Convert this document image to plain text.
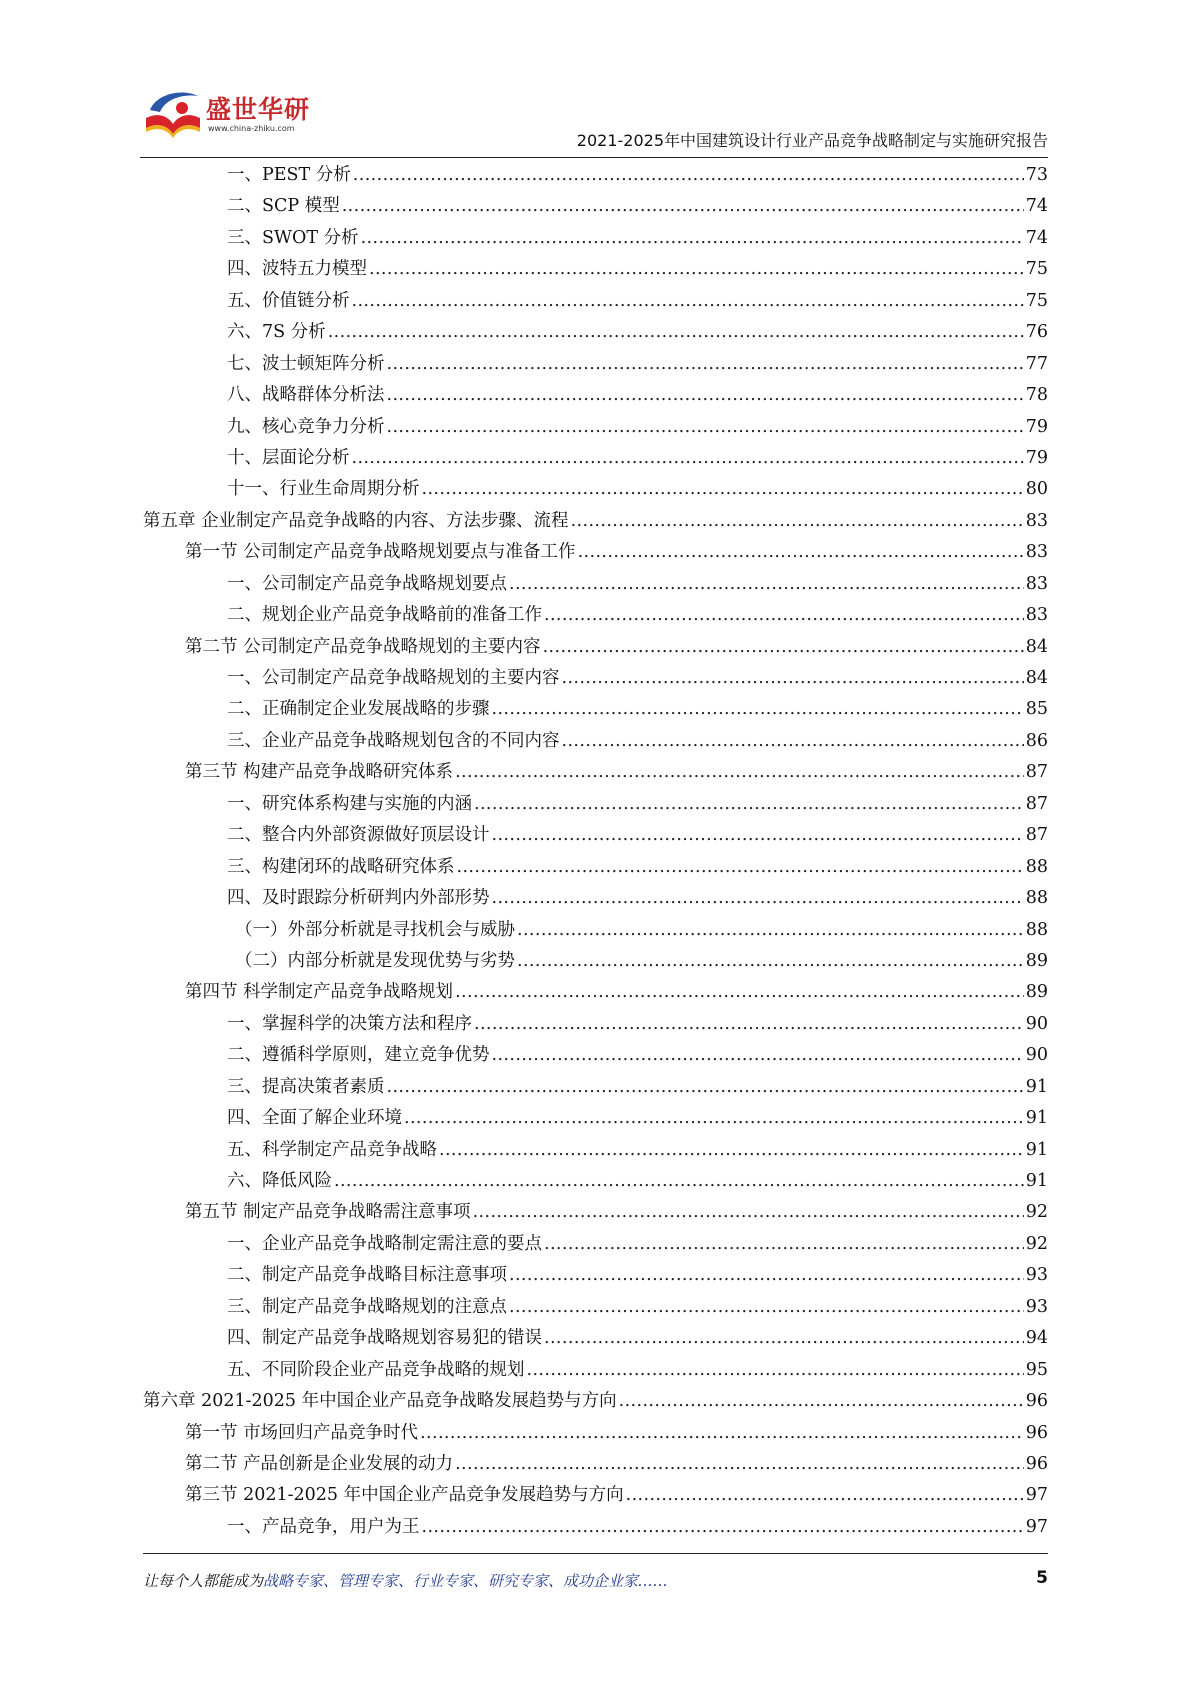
盛世华研
www.china-zhiku.com
2021-2025年中国建筑设计行业产品竞争战略制定与实施研究报告
一、PEST 分析 .....	73
二、SCP 模型 .....	74
三、SWOT 分析 .....	74
四、波特五力模型 .....	75
五、价值链分析 .....	75
六、7S 分析 .....	76
七、波士顿矩阵分析 .....	77
八、战略群体分析法 .....	78
九、核心竞争力分析 .....	79
十、层面论分析 .....	79
十一、行业生命周期分析 .....	80
第五章 企业制定产品竞争战略的内容、方法步骤、流程 .....	83
第一节 公司制定产品竞争战略规划要点与准备工作 .....	83
一、公司制定产品竞争战略规划要点 .....	83
二、规划企业产品竞争战略前的准备工作 .....	83
第二节 公司制定产品竞争战略规划的主要内容 .....	84
一、公司制定产品竞争战略规划的主要内容 .....	84
二、正确制定企业发展战略的步骤 .....	85
三、企业产品竞争战略规划包含的不同内容 .....	86
第三节 构建产品竞争战略研究体系 .....	87
一、研究体系构建与实施的内涵 .....	87
二、整合内外部资源做好顶层设计 .....	87
三、构建闭环的战略研究体系 .....	88
四、及时跟踪分析研判内外部形势 .....	88
（一）外部分析就是寻找机会与威胁 .....	88
（二）内部分析就是发现优势与劣势 .....	89
第四节 科学制定产品竞争战略规划 .....	89
一、掌握科学的决策方法和程序 .....	90
二、遵循科学原则，建立竞争优势 .....	90
三、提高决策者素质 .....	91
四、全面了解企业环境 .....	91
五、科学制定产品竞争战略 .....	91
六、降低风险 .....	91
第五节 制定产品竞争战略需注意事项 .....	92
一、企业产品竞争战略制定需注意的要点 .....	92
二、制定产品竞争战略目标注意事项 .....	93
三、制定产品竞争战略规划的注意点 .....	93
四、制定产品竞争战略规划容易犯的错误 .....	94
五、不同阶段企业产品竞争战略的规划 .....	95
第六章 2021-2025 年中国企业产品竞争战略发展趋势与方向 .....	96
第一节 市场回归产品竞争时代 .....	96
第二节 产品创新是企业发展的动力 .....	96
第三节 2021-2025 年中国企业产品竞争发展趋势与方向 .....	97
一、产品竞争，用户为王 .....	97
让每个人都能成为战略专家、管理专家、行业专家、研究专家、成功企业家……	5
